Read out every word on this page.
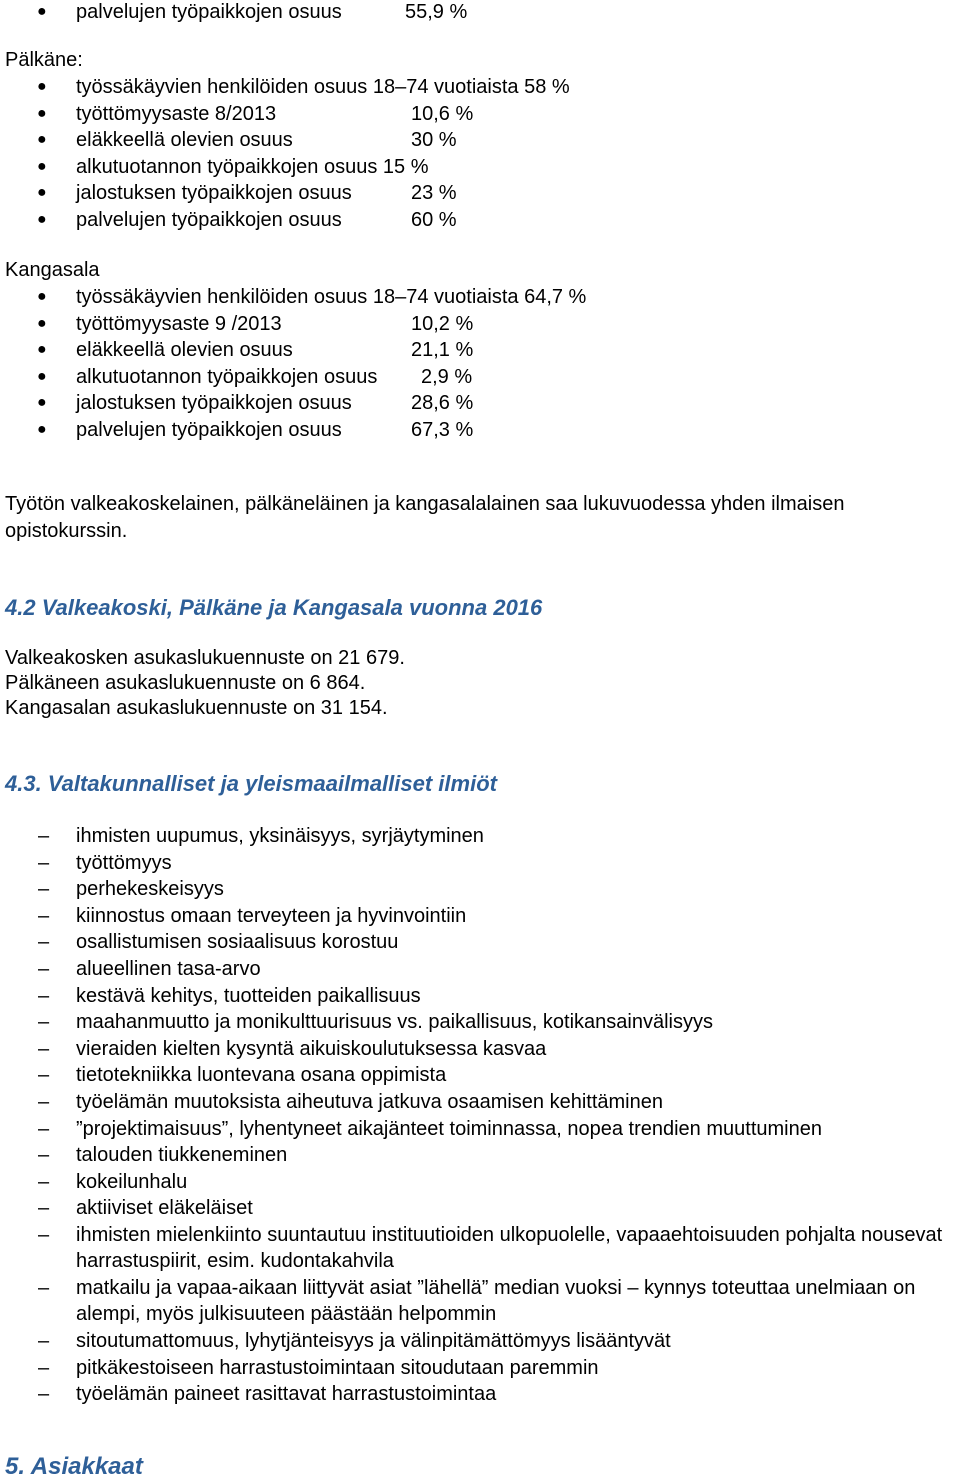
● palvelujen työpaikkojen osuus	55,9 %
Pälkäne:
● työssäkäyvien henkilöiden osuus 18–74 vuotiaista 58 %
● työttömyysaste 8/2013	10,6 %
● eläkkeellä olevien osuus	30 %
● alkutuotannon työpaikkojen osuus 15 %
● jalostuksen työpaikkojen osuus	23 %
● palvelujen työpaikkojen osuus	60 %
Kangasala
● työssäkäyvien henkilöiden osuus 18–74 vuotiaista 64,7 %
● työttömyysaste 9 /2013	10,2 %
● eläkkeellä olevien osuus	21,1 %
● alkutuotannon työpaikkojen osuus 2,9 %
● jalostuksen työpaikkojen osuus	28,6 %
● palvelujen työpaikkojen osuus	67,3 %
Työtön valkeakoskelainen, pälkäneläinen ja kangasalalainen saa lukuvuodessa yhden ilmaisen opistokurssin.
4.2 Valkeakoski, Pälkäne ja Kangasala vuonna 2016
Valkeakosken asukaslukuennuste on 21 679.
Pälkäneen asukaslukuennuste on 6 864.
Kangasalan asukaslukuennuste on 31 154.
4.3. Valtakunnalliset ja yleismaailmalliset ilmiöt
– ihmisten uupumus, yksinäisyys, syrjäytyminen
– työttömyys
– perhekeskeisyys
– kiinnostus omaan terveyteen ja hyvinvointiin
– osallistumisen sosiaalisuus korostuu
– alueellinen tasa-arvo
– kestävä kehitys, tuotteiden paikallisuus
– maahanmuutto ja monikulttuurisuus vs. paikallisuus, kotikansainvälisyys
– vieraiden kielten kysyntä aikuiskoulutuksessa kasvaa
– tietotekniikka luontevana osana oppimista
– työelämän muutoksista aiheutuva jatkuva osaamisen kehittäminen
– ”projektimaisuus”, lyhentyneet aikajänteet toiminnassa, nopea trendien muuttuminen
– talouden tiukkeneminen
– kokeilunhalu
– aktiiviset eläkeläiset
– ihmisten mielenkiinto suuntautuu instituutioiden ulkopuolelle, vapaaehtoisuuden pohjalta nousevat harrastuspiirit, esim. kudontakahvila
– matkailu ja vapaa-aikaan liittyvät asiat ”lähellä” median vuoksi – kynnys toteuttaa unelmiaan on alempi, myös julkisuuteen päästään helpommin
– sitoutumattomuus, lyhytjänteisyys ja välinpitämättömyys lisääntyvät
– pitkäkestoiseen harrastustoimintaan sitoudutaan paremmin
– työelämän paineet rasittavat harrastustoimintaa
5. Asiakkaat
